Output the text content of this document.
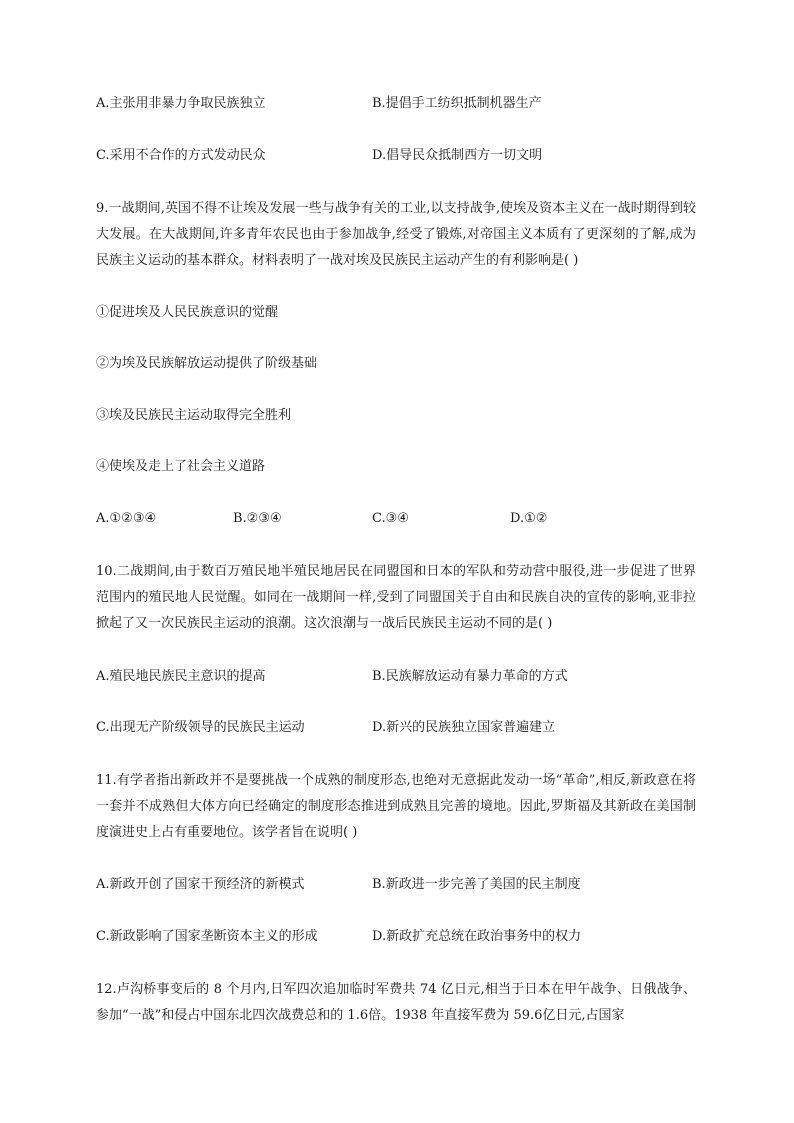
A.主张用非暴力争取民族独立	B.提倡手工纺织抵制机器生产
C.采用不合作的方式发动民众	D.倡导民众抵制西方一切文明
9.一战期间,英国不得不让埃及发展一些与战争有关的工业,以支持战争,使埃及资本主义在一战时期得到较大发展。在大战期间,许多青年农民也由于参加战争,经受了锻炼,对帝国主义本质有了更深刻的了解,成为民族主义运动的基本群众。材料表明了一战对埃及民族民主运动产生的有利影响是( )
①促进埃及人民民族意识的觉醒
②为埃及民族解放运动提供了阶级基础
③埃及民族民主运动取得完全胜利
④使埃及走上了社会主义道路
A.①②③④	B.②③④	C.③④	D.①②
10.二战期间,由于数百万殖民地半殖民地居民在同盟国和日本的军队和劳动营中服役,进一步促进了世界范围内的殖民地人民觉醒。如同在一战期间一样,受到了同盟国关于自由和民族自决的宣传的影响,亚非拉掀起了又一次民族民主运动的浪潮。这次浪潮与一战后民族民主运动不同的是( )
A.殖民地民族民主意识的提高	B.民族解放运动有暴力革命的方式
C.出现无产阶级领导的民族民主运动	D.新兴的民族独立国家普遍建立
11.有学者指出新政并不是要挑战一个成熟的制度形态,也绝对无意据此发动一场“革命”,相反,新政意在将一套并不成熟但大体方向已经确定的制度形态推进到成熟且完善的境地。因此,罗斯福及其新政在美国制度演进史上占有重要地位。该学者旨在说明( )
A.新政开创了国家干预经济的新模式	B.新政进一步完善了美国的民主制度
C.新政影响了国家垄断资本主义的形成	D.新政扩充总统在政治事务中的权力
12.卢沟桥事变后的 8 个月内,日军四次追加临时军费共 74 亿日元,相当于日本在甲午战争、日俄战争、参加“一战”和侵占中国东北四次战费总和的 1.6倍。1938 年直接军费为 59.6亿日元,占国家
